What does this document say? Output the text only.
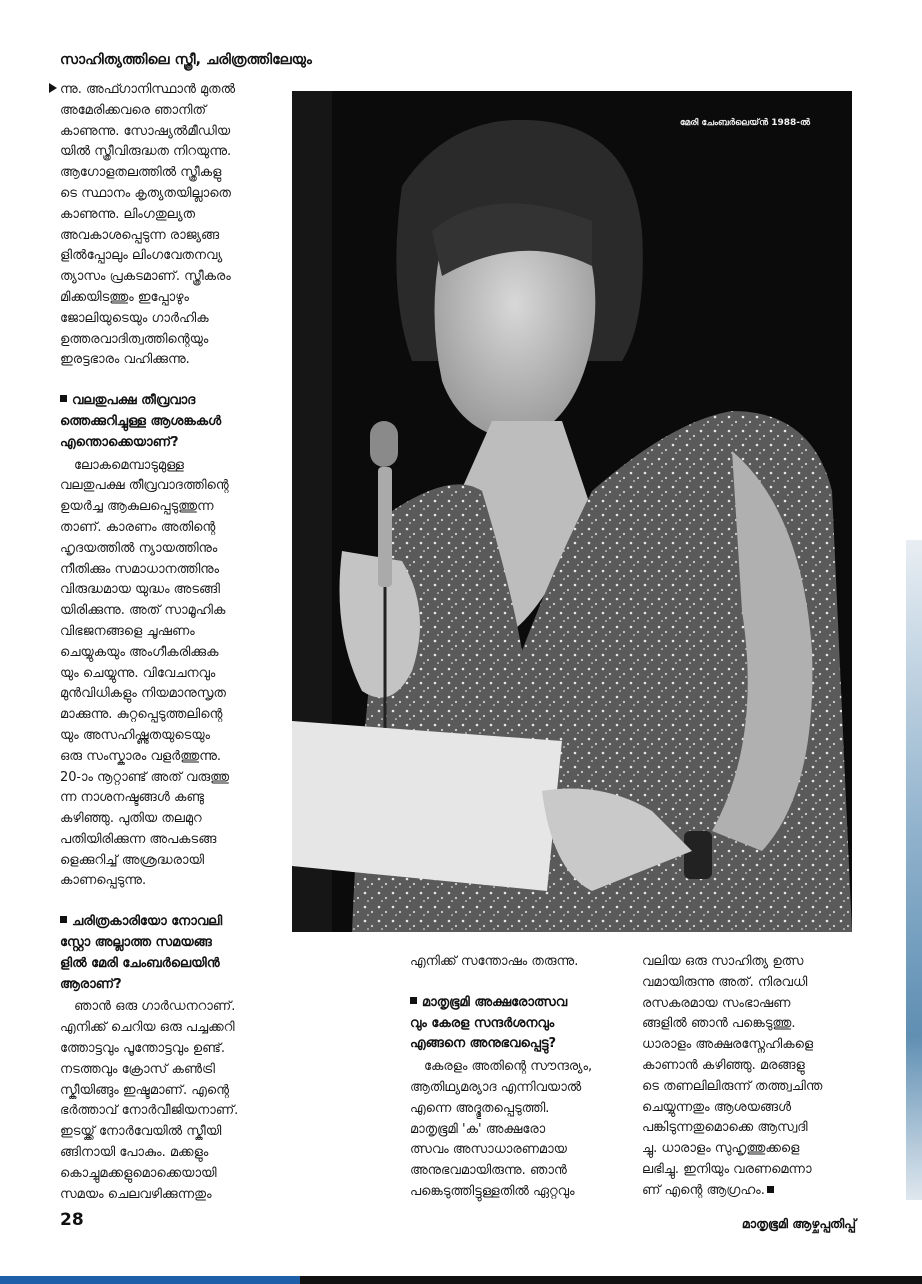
സാഹിത്യത്തിലെ സ്ത്രീ, ചരിത്രത്തിലേയും

ന്നു. അഫ്ഗാനിസ്ഥാൻ മുതൽ
അമേരിക്കവരെ ഞാനിത്
കാണുന്നു. സോഷ്യൽമീഡിയ
യിൽ സ്ത്രീവിരുദ്ധത നിറയുന്നു.
ആഗോളതലത്തിൽ സ്ത്രീകളു
ടെ സ്ഥാനം കൃത്യതയില്ലാതെ
കാണുന്നു. ലിംഗതുല്യത
അവകാശപ്പെടുന്ന രാജ്യങ്ങ
ളിൽപ്പോലും ലിംഗവേതനവ്യ
ത്യാസം പ്രകടമാണ്. സ്ത്രീകരം
മിക്കയിടത്തും ഇപ്പോഴും
ജോലിയുടെയും ഗാർഹിക
ഉത്തരവാദിത്വത്തിന്റെയും
ഇരട്ടഭാരം വഹിക്കുന്നു.

വലതുപക്ഷ തീവ്രവാദ
ത്തെക്കുറിച്ചുള്ള ആശങ്കകൾ
എന്തൊക്കെയാണ്?

ലോകമെമ്പാടുമുള്ള
വലതുപക്ഷ തീവ്രവാദത്തിന്റെ
ഉയർച്ച ആകുലപ്പെടുത്തുന്ന
താണ്. കാരണം അതിന്റെ
ഹൃദയത്തിൽ ന്യായത്തിനും
നീതിക്കും സമാധാനത്തിനും
വിരുദ്ധമായ യുദ്ധം അടങ്ങി
യിരിക്കുന്നു. അത് സാമൂഹിക
വിഭജനങ്ങളെ ചൂഷണം
ചെയ്യുകയും അംഗീകരിക്കുക
യും ചെയ്യുന്നു. വിവേചനവും
മുൻവിധികളും നിയമാനുസൃത
മാക്കുന്നു. കുറ്റപ്പെടുത്തലിന്റെ
യും അസഹിഷ്ണുതയുടെയും
ഒരു സംസ്കാരം വളർത്തുന്നു.
20-ാം നൂറ്റാണ്ട് അത് വരുത്തു
ന്ന നാശനഷ്ടങ്ങൾ കണ്ടു
കഴിഞ്ഞു. പുതിയ തലമുറ
പതിയിരിക്കുന്ന അപകടങ്ങ
ളെക്കുറിച്ച് അശ്രദ്ധരായി
കാണപ്പെടുന്നു.

ചരിത്രകാരിയോ നോവലി
സ്റ്റോ അല്ലാത്ത സമയങ്ങ
ളിൽ മേരി ചേംബർലെയിൻ
ആരാണ്?

ഞാൻ ഒരു ഗാർഡനറാണ്.
എനിക്ക് ചെറിയ ഒരു പച്ചക്കറി
ത്തോട്ടവും പൂന്തോട്ടവും ഉണ്ട്.
നടത്തവും ക്രോസ് കൺട്രി
സ്കീയിങ്ങും ഇഷ്ടമാണ്. എന്റെ
ഭർത്താവ് നോർവീജിയനാണ്.
ഇടയ്ക്ക് നോർവേയിൽ സ്കീയി
ങ്ങിനായി പോകും. മക്കളും
കൊച്ചുമക്കളുമൊക്കെയായി
സമയം ചെലവഴിക്കുന്നതും

മേരി ചേംബർലെയ്ൻ 1988-ൽ

എനിക്ക് സന്തോഷം തരുന്നു.

മാതൃഭൂമി അക്ഷരോത്സവ
വും കേരള സന്ദർശനവും
എങ്ങനെ അനുഭവപ്പെട്ടു?

കേരളം അതിന്റെ സൗന്ദര്യം,
ആതിഥ്യമര്യാദ എന്നിവയാൽ
എന്നെ അദ്ഭുതപ്പെടുത്തി.
മാതൃഭൂമി 'ക' അക്ഷരോ
ത്സവം അസാധാരണമായ
അനുഭവമായിരുന്നു. ഞാൻ
പങ്കെടുത്തിട്ടുള്ളതിൽ ഏറ്റവും

വലിയ ഒരു സാഹിത്യ ഉത്സ
വമായിരുന്നു അത്. നിരവധി
രസകരമായ സംഭാഷണ
ങ്ങളിൽ ഞാൻ പങ്കെടുത്തു.
ധാരാളം അക്ഷരസ്നേഹികളെ
കാണാൻ കഴിഞ്ഞു. മരങ്ങളു
ടെ തണലിലിരുന്ന് തത്ത്വചിന്ത
ചെയ്യുന്നതും ആശയങ്ങൾ
പങ്കിടുന്നതുമൊക്കെ ആസ്വദി
ച്ചു. ധാരാളം സുഹൃത്തുക്കളെ
ലഭിച്ചു. ഇനിയും വരണമെന്നാ
ണ് എന്റെ ആഗ്രഹം.

28	മാതൃഭൂമി ആഴ്ചപ്പതിപ്പ്
